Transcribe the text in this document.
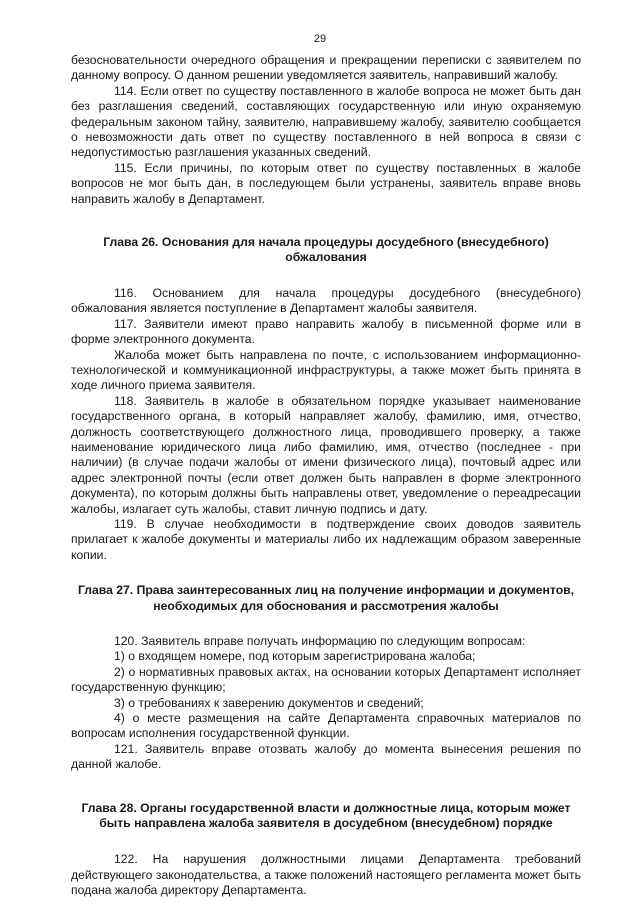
29

безосновательности очередного обращения и прекращении переписки с заявителем по данному вопросу. О данном решении уведомляется заявитель, направивший жалобу.

114. Если ответ по существу поставленного в жалобе вопроса не может быть дан без разглашения сведений, составляющих государственную или иную охраняемую федеральным законом тайну, заявителю, направившему жалобу, заявителю сообщается о невозможности дать ответ по существу поставленного в ней вопроса в связи с недопустимостью разглашения указанных сведений.

115. Если причины, по которым ответ по существу поставленных в жалобе вопросов не мог быть дан, в последующем были устранены, заявитель вправе вновь направить жалобу в Департамент.

Глава 26. Основания для начала процедуры досудебного (внесудебного) обжалования

116. Основанием для начала процедуры досудебного (внесудебного) обжалования является поступление в Департамент жалобы заявителя.

117. Заявители имеют право направить жалобу в письменной форме или в форме электронного документа.

Жалоба может быть направлена по почте, с использованием информационно-технологической и коммуникационной инфраструктуры, а также может быть принята в ходе личного приема заявителя.

118. Заявитель в жалобе в обязательном порядке указывает наименование государственного органа, в который направляет жалобу, фамилию, имя, отчество, должность соответствующего должностного лица, проводившего проверку, а также наименование юридического лица либо фамилию, имя, отчество (последнее - при наличии) (в случае подачи жалобы от имени физического лица), почтовый адрес или адрес электронной почты (если ответ должен быть направлен в форме электронного документа), по которым должны быть направлены ответ, уведомление о переадресации жалобы, излагает суть жалобы, ставит личную подпись и дату.

119. В случае необходимости в подтверждение своих доводов заявитель прилагает к жалобе документы и материалы либо их надлежащим образом заверенные копии.

Глава 27. Права заинтересованных лиц на получение информации и документов, необходимых для обоснования и рассмотрения жалобы

120. Заявитель вправе получать информацию по следующим вопросам:

1) о входящем номере, под которым зарегистрирована жалоба;

2) о нормативных правовых актах, на основании которых Департамент исполняет государственную функцию;

3) о требованиях к заверению документов и сведений;

4) о месте размещения на сайте Департамента справочных материалов по вопросам исполнения государственной функции.

121. Заявитель вправе отозвать жалобу до момента вынесения решения по данной жалобе.

Глава 28. Органы государственной власти и должностные лица, которым может быть направлена жалоба заявителя в досудебном (внесудебном) порядке

122. На нарушения должностными лицами Департамента требований действующего законодательства, а также положений настоящего регламента может быть подана жалоба директору Департамента.
